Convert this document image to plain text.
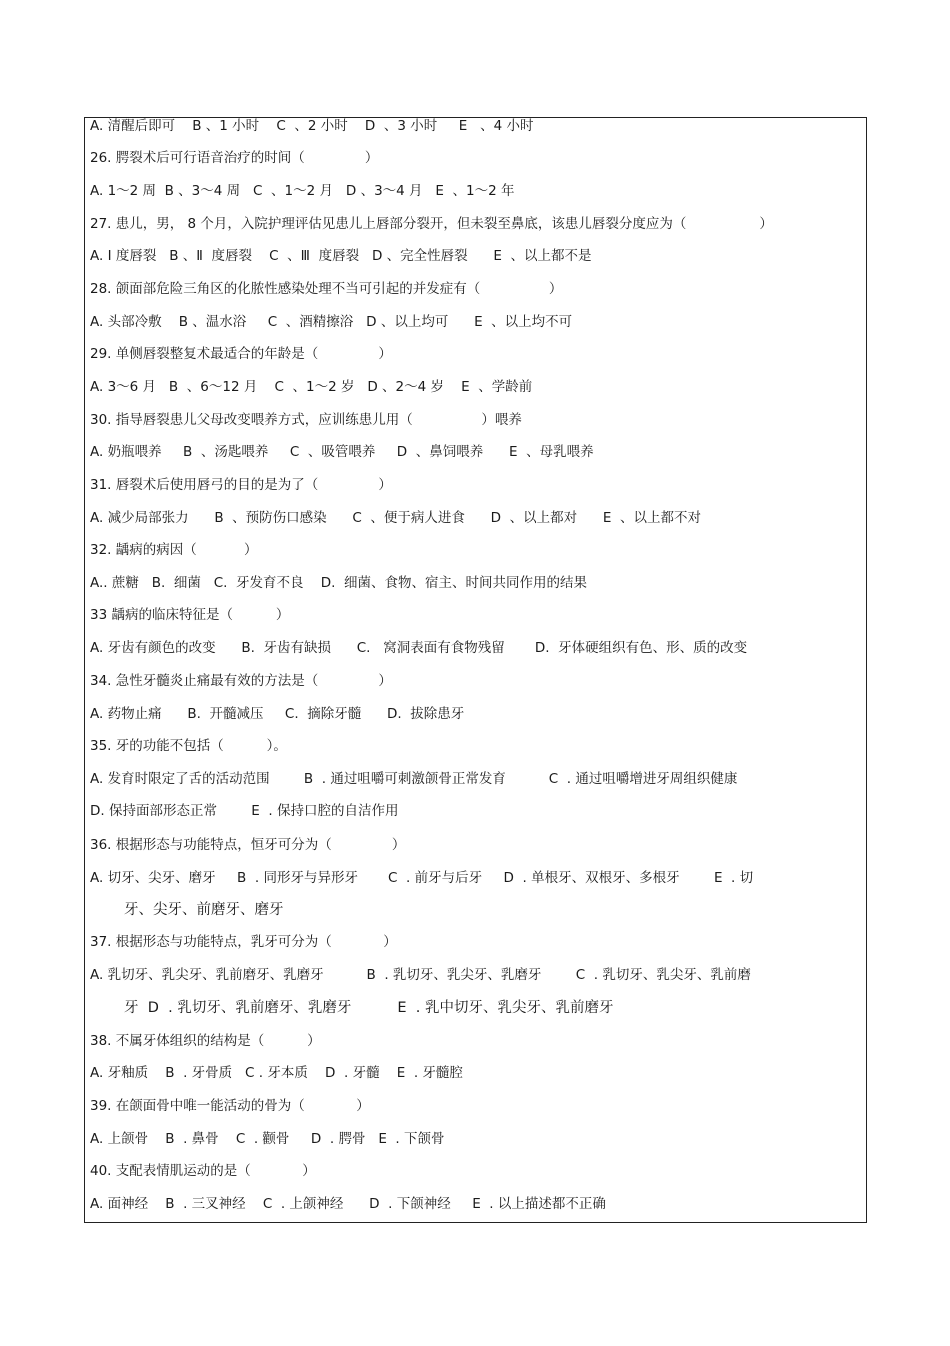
A. 清醒后即可    B 、1 小时    C  、2 小时    D  、3 小时     E   、4 小时
26. 腭裂术后可行语音治疗的时间（              ）
A. 1～2 周  B 、3～4 周   C  、1～2 月   D 、3～4 月   E  、1～2 年
27. 患儿，男， 8 个月，入院护理评估见患儿上唇部分裂开，但未裂至鼻底，该患儿唇裂分度应为（                 ）
A. Ⅰ 度唇裂   B 、Ⅱ  度唇裂    C  、Ⅲ  度唇裂   D 、完全性唇裂      E  、以上都不是
28. 颌面部危险三角区的化脓性感染处理不当可引起的并发症有（                ）
A. 头部冷敷    B 、温水浴     C  、酒精擦浴   D 、以上均可      E  、以上均不可
29. 单侧唇裂整复术最适合的年龄是（              ）
A. 3～6 月   B  、6～12 月    C  、1～2 岁   D 、2～4 岁    E  、学龄前
30. 指导唇裂患儿父母改变喂养方式，应训练患儿用（                ）喂养
A. 奶瓶喂养     B  、汤匙喂养     C  、吸管喂养     D  、鼻饲喂养      E  、母乳喂养
31. 唇裂术后使用唇弓的目的是为了（              ）
A. 减少局部张力      B  、预防伤口感染      C  、便于病人进食      D  、以上都对      E  、以上都不对
32. 龋病的病因（           ）
A.. 蔗糖   B.  细菌   C.  牙发育不良    D.  细菌、食物、宿主、时间共同作用的结果
33 龋病的临床特征是（          ）
A. 牙齿有颜色的改变      B.  牙齿有缺损      C.   窝洞表面有食物残留       D.  牙体硬组织有色、形、质的改变
34. 急性牙髓炎止痛最有效的方法是（              ）
A. 药物止痛      B.  开髓减压     C.  摘除牙髓      D.  拔除患牙
35. 牙的功能不包括（          ）。
A. 发育时限定了舌的活动范围        B  . 通过咀嚼可刺激颌骨正常发育          C  . 通过咀嚼增进牙周组织健康
D. 保持面部形态正常        E  . 保持口腔的自洁作用
36. 根据形态与功能特点，恒牙可分为（              ）
A. 切牙、尖牙、磨牙     B  . 同形牙与异形牙       C  . 前牙与后牙     D  . 单根牙、双根牙、多根牙        E  . 切
牙、尖牙、前磨牙、磨牙
37. 根据形态与功能特点，乳牙可分为（            ）
A. 乳切牙、乳尖牙、乳前磨牙、乳磨牙          B  . 乳切牙、乳尖牙、乳磨牙        C  . 乳切牙、乳尖牙、乳前磨
牙  D  . 乳切牙、乳前磨牙、乳磨牙          E  . 乳中切牙、乳尖牙、乳前磨牙
38. 不属牙体组织的结构是（          ）
A. 牙釉质    B  . 牙骨质   C . 牙本质    D  . 牙髓    E  . 牙髓腔
39. 在颌面骨中唯一能活动的骨为（            ）
A. 上颌骨    B  . 鼻骨    C  . 颧骨     D  . 腭骨   E  . 下颌骨
40. 支配表情肌运动的是（            ）
A. 面神经    B  . 三叉神经    C  . 上颌神经      D  . 下颌神经     E  . 以上描述都不正确
